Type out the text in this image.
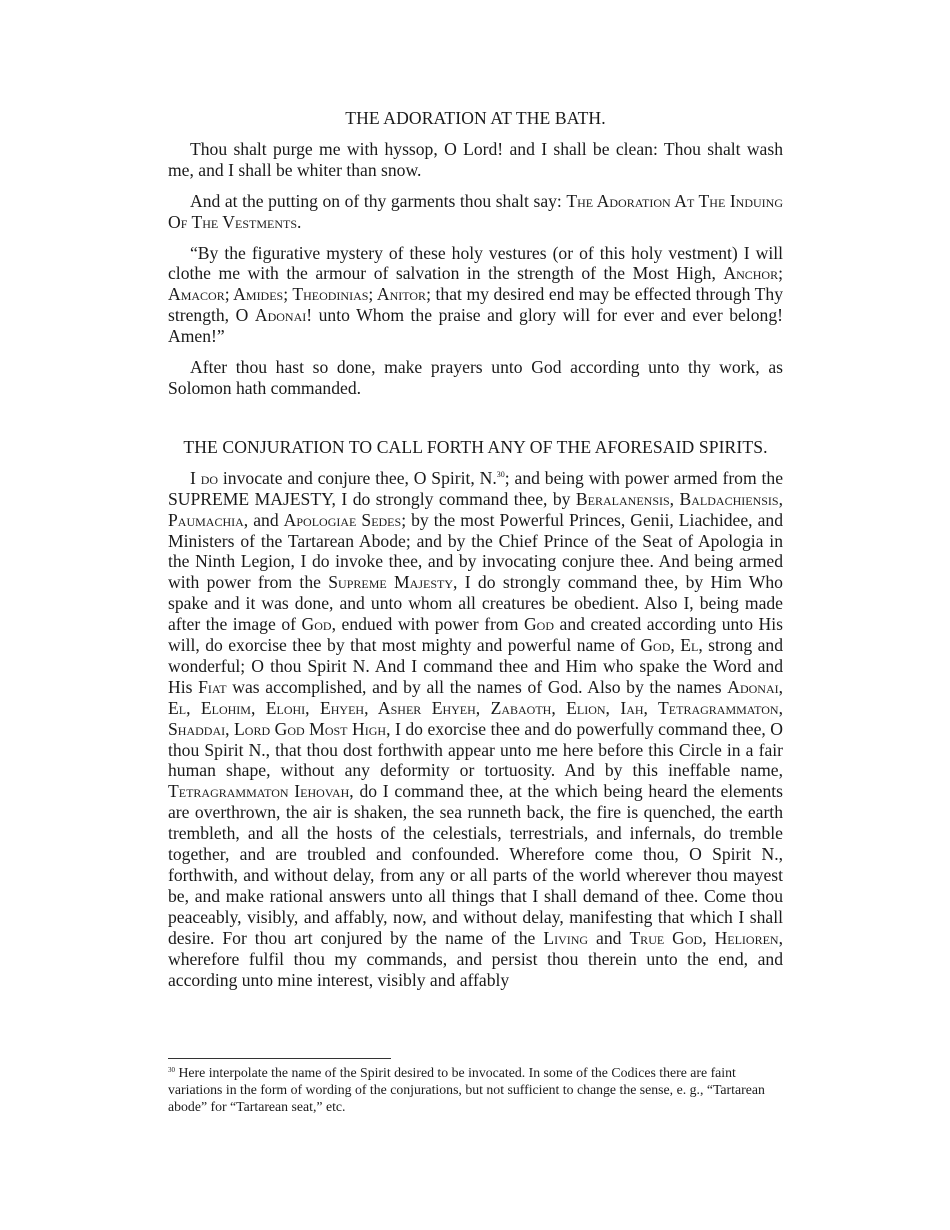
THE ADORATION AT THE BATH.

Thou shalt purge me with hyssop, O Lord! and I shall be clean: Thou shalt wash me, and I shall be whiter than snow.

And at the putting on of thy garments thou shalt say: The Adoration At The Induing Of The Vestments.

“By the figurative mystery of these holy vestures (or of this holy vestment) I will clothe me with the armour of salvation in the strength of the Most High, Anchor; Amacor; Amides; Theodinias; Anitor; that my desired end may be effected through Thy strength, O Adonai! unto Whom the praise and glory will for ever and ever belong! Amen!”

After thou hast so done, make prayers unto God according unto thy work, as Solomon hath commanded.

THE CONJURATION TO CALL FORTH ANY OF THE AFORESAID SPIRITS.

I do invocate and conjure thee, O Spirit, N.$^{30}$; and being with power armed from the SUPREME MAJESTY, I do strongly command thee, by Beralanensis, Baldachiensis, Paumachia, and Apologiae Sedes; by the most Powerful Princes, Genii, Liachidee, and Ministers of the Tartarean Abode; and by the Chief Prince of the Seat of Apologia in the Ninth Legion, I do invoke thee, and by invocating conjure thee. And being armed with power from the Supreme Majesty, I do strongly command thee, by Him Who spake and it was done, and unto whom all creatures be obedient. Also I, being made after the image of God, endued with power from God and created according unto His will, do exorcise thee by that most mighty and powerful name of God, El, strong and wonderful; O thou Spirit N. And I command thee and Him who spake the Word and His Fiat was accomplished, and by all the names of God. Also by the names Adonai, El, Elohim, Elohi, Ehyeh, Asher Ehyeh, Zabaoth, Elion, Iah, Tetragrammaton, Shaddai, Lord God Most High, I do exorcise thee and do powerfully command thee, O thou Spirit N., that thou dost forthwith appear unto me here before this Circle in a fair human shape, without any deformity or tortuosity. And by this ineffable name, Tetragrammaton Iehovah, do I command thee, at the which being heard the elements are overthrown, the air is shaken, the sea runneth back, the fire is quenched, the earth trembleth, and all the hosts of the celestials, terrestrials, and infernals, do tremble together, and are troubled and confounded. Wherefore come thou, O Spirit N., forthwith, and without delay, from any or all parts of the world wherever thou mayest be, and make rational answers unto all things that I shall demand of thee. Come thou peaceably, visibly, and affably, now, and without delay, manifesting that which I shall desire. For thou art conjured by the name of the Living and True God, Helioren, wherefore fulfil thou my commands, and persist thou therein unto the end, and according unto mine interest, visibly and affably

$^{30}$ Here interpolate the name of the Spirit desired to be invocated. In some of the Codices there are faint variations in the form of wording of the conjurations, but not sufficient to change the sense, e. g., “Tartarean abode” for “Tartarean seat,” etc.
